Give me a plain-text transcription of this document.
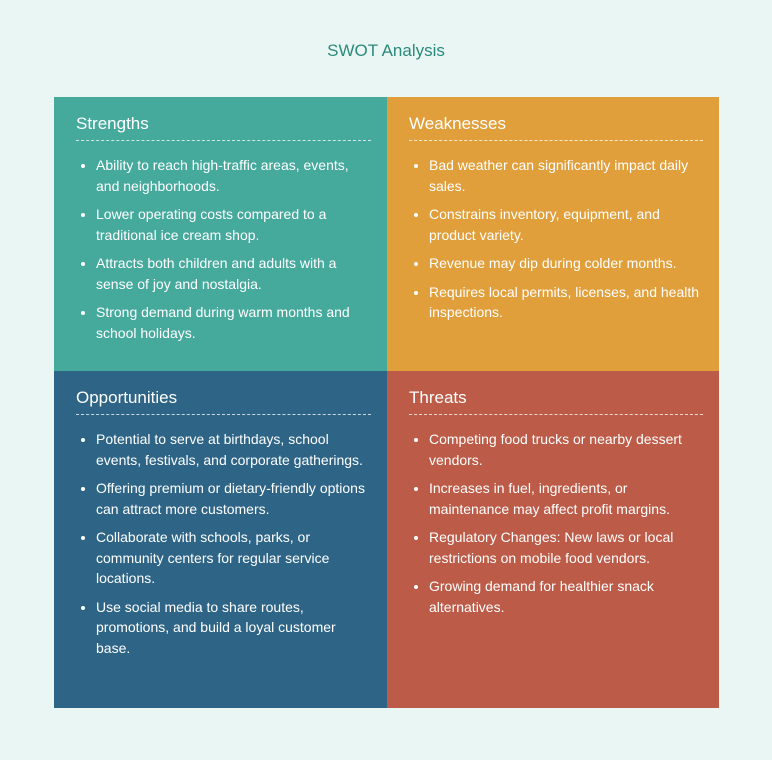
SWOT Analysis
Strengths
• Ability to reach high-traffic areas, events, and neighborhoods.
• Lower operating costs compared to a traditional ice cream shop.
• Attracts both children and adults with a sense of joy and nostalgia.
• Strong demand during warm months and school holidays.
Weaknesses
• Bad weather can significantly impact daily sales.
• Constrains inventory, equipment, and product variety.
• Revenue may dip during colder months.
• Requires local permits, licenses, and health inspections.
Opportunities
• Potential to serve at birthdays, school events, festivals, and corporate gatherings.
• Offering premium or dietary-friendly options can attract more customers.
• Collaborate with schools, parks, or community centers for regular service locations.
• Use social media to share routes, promotions, and build a loyal customer base.
Threats
• Competing food trucks or nearby dessert vendors.
• Increases in fuel, ingredients, or maintenance may affect profit margins.
• Regulatory Changes: New laws or local restrictions on mobile food vendors.
• Growing demand for healthier snack alternatives.
